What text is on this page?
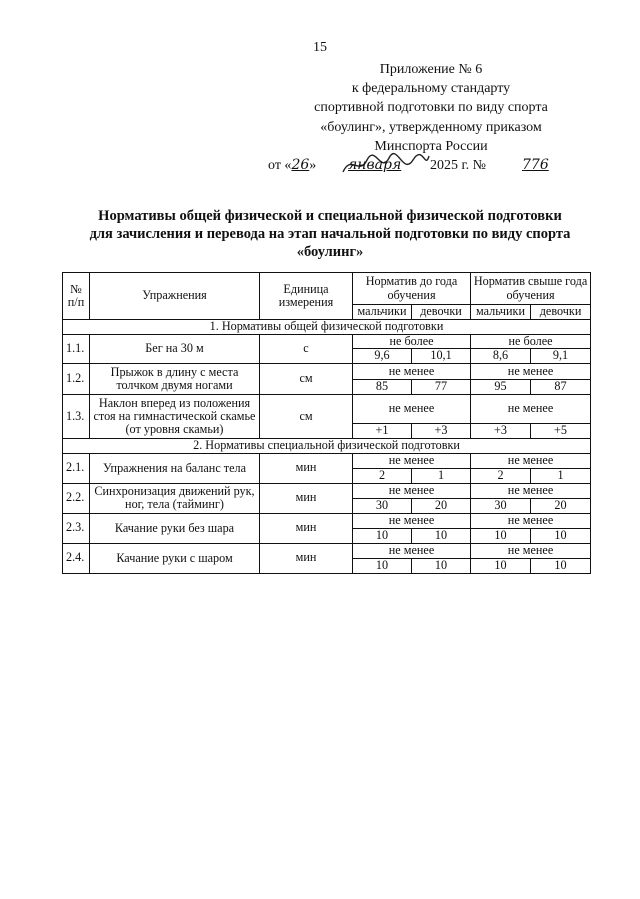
15
Приложение № 6
к федеральному стандарту
спортивной подготовки по виду спорта
«боулинг», утвержденному приказом
Минспорта России
от «26» января 2025 г. №	776
Нормативы общей физической и специальной физической подготовки
для зачисления и перевода на этап начальной подготовки по виду спорта
«боулинг»
№ п/п	Упражнения	Единица измерения	Норматив до года обучения		Норматив свыше года обучения	
			мальчики	девочки	мальчики	девочки
1. Нормативы общей физической подготовки						
1.1.	Бег на 30 м	с	не более		не более	
			9,6	10,1	8,6	9,1
1.2.	Прыжок в длину с места толчком двумя ногами	см	не менее		не менее	
			85	77	95	87
1.3.	Наклон вперед из положения стоя на гимнастической скамье (от уровня скамьи)	см	не менее		не менее	
			+1	+3	+3	+5
2. Нормативы специальной физической подготовки						
2.1.	Упражнения на баланс тела	мин	не менее		не менее	
			2	1	2	1
2.2.	Синхронизация движений рук, ног, тела (тайминг)	мин	не менее		не менее	
			30	20	30	20
2.3.	Качание руки без шара	мин	не менее		не менее	
			10	10	10	10
2.4.	Качание руки с шаром	мин	не менее		не менее	
			10	10	10	10
